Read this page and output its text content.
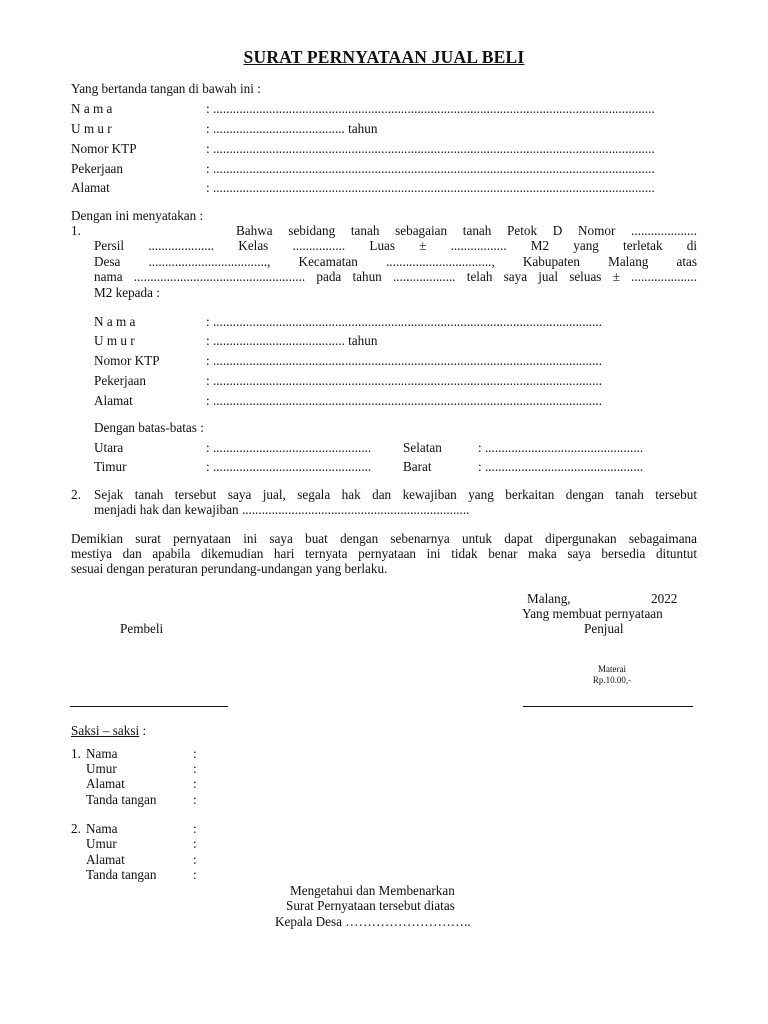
SURAT PERNYATAAN JUAL BELI
Yang bertanda tangan di bawah ini :
N a m a	: ......................................................................................................................................
U m u r	: ........................................ tahun
Nomor KTP	: ......................................................................................................................................
Pekerjaan	: ......................................................................................................................................
Alamat	: ......................................................................................................................................
Dengan ini menyatakan :
1.	Bahwa sebidang tanah sebagaian tanah Petok D Nomor ....................
Persil .................... Kelas ................ Luas ± ................. M2 yang terletak di
Desa ...................................., Kecamatan ................................, Kabupaten Malang atas
nama .................................................... pada tahun ................... telah saya jual seluas ± ....................
M2 kepada :
N a m a	: ......................................................................................................................
U m u r	: ........................................ tahun
Nomor KTP	: ......................................................................................................................
Pekerjaan	: ......................................................................................................................
Alamat	: ......................................................................................................................
Dengan batas-batas :
Utara	: ................................................ Selatan	: ................................................
Timur	: ................................................ Barat	: ................................................
2. Sejak tanah tersebut saya jual, segala hak dan kewajiban yang berkaitan dengan tanah tersebut
menjadi hak dan kewajiban .....................................................................
Demikian surat pernyataan ini saya buat dengan sebenarnya untuk dapat dipergunakan sebagaimana
mestiya dan apabila dikemudian hari ternyata pernyataan ini tidak benar maka saya bersedia dituntut
sesuai dengan peraturan perundang-undangan yang berlaku.
Malang,	2022
Yang membuat pernyataan
Penjual
Pembeli
Materai
Rp.10.00,-
Saksi – saksi :
1. Nama	:
Umur	:
Alamat	:
Tanda tangan	:
2. Nama	:
Umur	:
Alamat	:
Tanda tangan	:
Mengetahui dan Membenarkan
Surat Pernyataan tersebut diatas
Kepala Desa ………………………..
